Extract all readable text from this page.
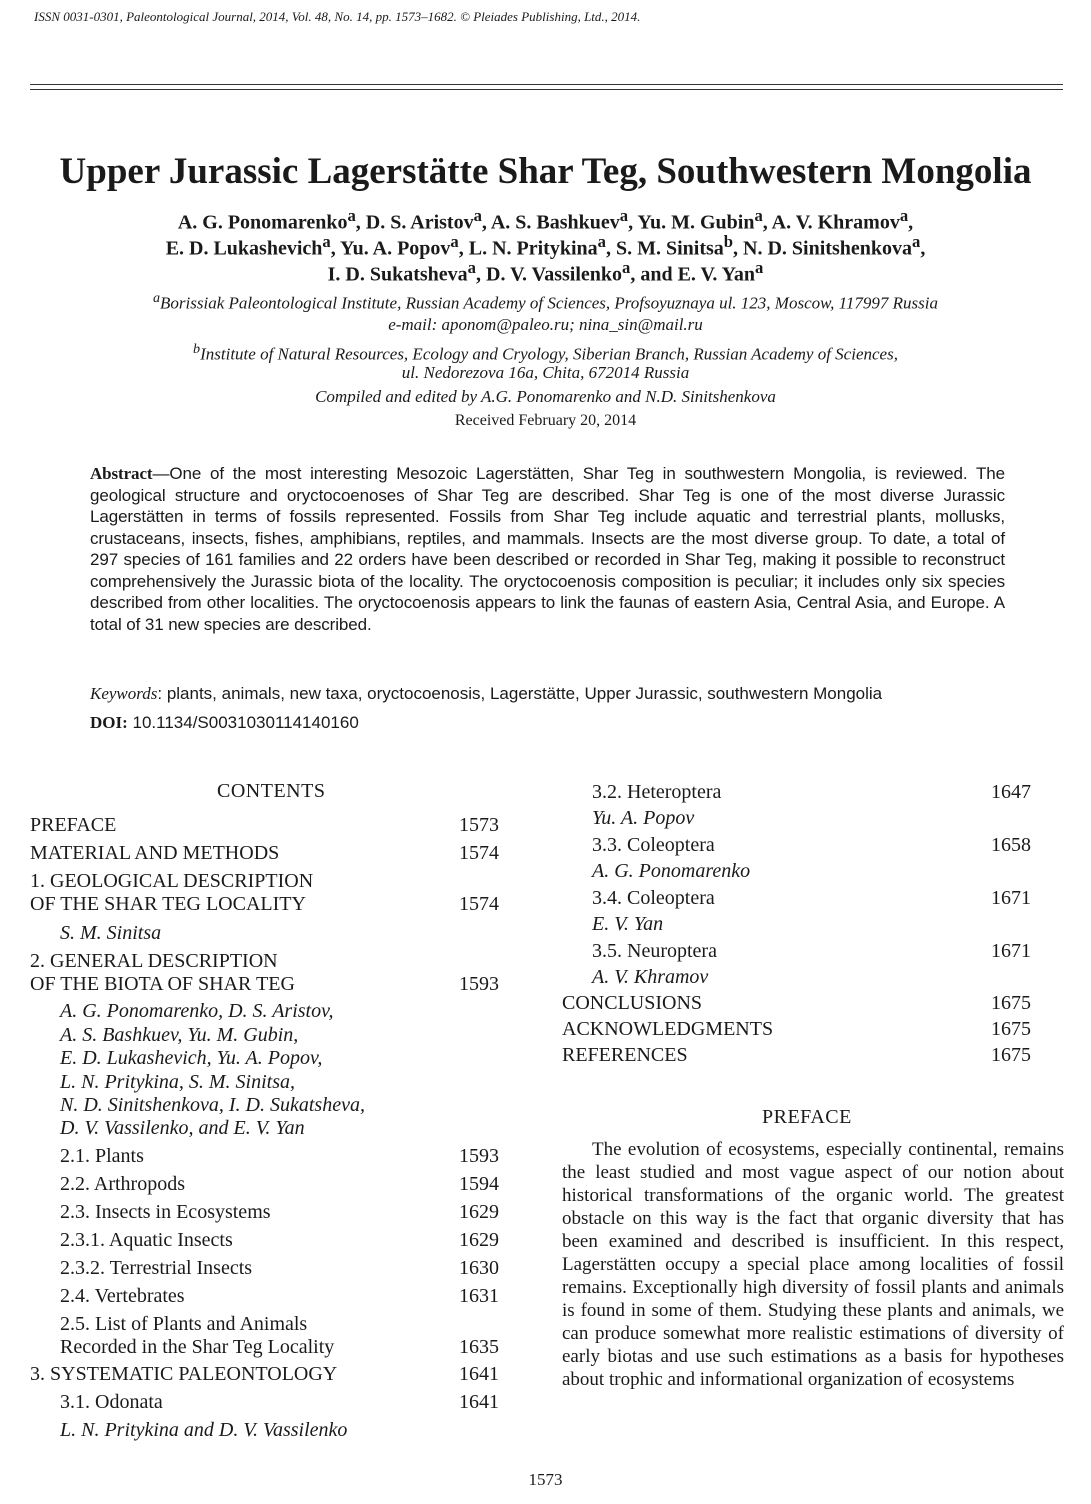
ISSN 0031-0301, Paleontological Journal, 2014, Vol. 48, No. 14, pp. 1573–1682. © Pleiades Publishing, Ltd., 2014.
Upper Jurassic Lagerstätte Shar Teg, Southwestern Mongolia
A. G. Ponomarenko$^a$, D. S. Aristov$^a$, A. S. Bashkuev$^a$, Yu. M. Gubin$^a$, A. V. Khramov$^a$,
E. D. Lukashevich$^a$, Yu. A. Popov$^a$, L. N. Pritykina$^a$, S. M. Sinitsa$^b$, N. D. Sinitshenkova$^a$,
I. D. Sukatsheva$^a$, D. V. Vassilenko$^a$, and E. V. Yan$^a$
$^a$Borissiak Paleontological Institute, Russian Academy of Sciences, Profsoyuznaya ul. 123, Moscow, 117997 Russia
e-mail: aponom@paleo.ru; nina_sin@mail.ru
$^b$Institute of Natural Resources, Ecology and Cryology, Siberian Branch, Russian Academy of Sciences,
ul. Nedorezova 16a, Chita, 672014 Russia
Compiled and edited by A.G. Ponomarenko and N.D. Sinitshenkova
Received February 20, 2014
Abstract—One of the most interesting Mesozoic Lagerstätten, Shar Teg in southwestern Mongolia, is reviewed. The geological structure and oryctocoenoses of Shar Teg are described. Shar Teg is one of the most diverse Jurassic Lagerstätten in terms of fossils represented. Fossils from Shar Teg include aquatic and terrestrial plants, mollusks, crustaceans, insects, fishes, amphibians, reptiles, and mammals. Insects are the most diverse group. To date, a total of 297 species of 161 families and 22 orders have been described or recorded in Shar Teg, making it possible to reconstruct comprehensively the Jurassic biota of the locality. The oryctocoenosis composition is peculiar; it includes only six species described from other localities. The oryctocoenosis appears to link the faunas of eastern Asia, Central Asia, and Europe. A total of 31 new species are described.
Keywords: plants, animals, new taxa, oryctocoenosis, Lagerstätte, Upper Jurassic, southwestern Mongolia
DOI: 10.1134/S0031030114140160
CONTENTS
PREFACE	1573
MATERIAL AND METHODS	1574
1. GEOLOGICAL DESCRIPTION
OF THE SHAR TEG LOCALITY	1574
S. M. Sinitsa
2. GENERAL DESCRIPTION
OF THE BIOTA OF SHAR TEG	1593
A. G. Ponomarenko, D. S. Aristov,
A. S. Bashkuev, Yu. M. Gubin,
E. D. Lukashevich, Yu. A. Popov,
L. N. Pritykina, S. M. Sinitsa,
N. D. Sinitshenkova, I. D. Sukatsheva,
D. V. Vassilenko, and E. V. Yan
2.1. Plants	1593
2.2. Arthropods	1594
2.3. Insects in Ecosystems	1629
2.3.1. Aquatic Insects	1629
2.3.2. Terrestrial Insects	1630
2.4. Vertebrates	1631
2.5. List of Plants and Animals
Recorded in the Shar Teg Locality	1635
3. SYSTEMATIC PALEONTOLOGY	1641
3.1. Odonata	1641
L. N. Pritykina and D. V. Vassilenko
3.2. Heteroptera	1647
Yu. A. Popov
3.3. Coleoptera	1658
A. G. Ponomarenko
3.4. Coleoptera	1671
E. V. Yan
3.5. Neuroptera	1671
A. V. Khramov
CONCLUSIONS	1675
ACKNOWLEDGMENTS	1675
REFERENCES	1675
PREFACE
The evolution of ecosystems, especially continental, remains the least studied and most vague aspect of our notion about historical transformations of the organic world. The greatest obstacle on this way is the fact that organic diversity that has been examined and described is insufficient. In this respect, Lagerstätten occupy a special place among localities of fossil remains. Exceptionally high diversity of fossil plants and animals is found in some of them. Studying these plants and animals, we can produce somewhat more realistic estimations of diversity of early biotas and use such estimations as a basis for hypotheses about trophic and informational organization of ecosystems
1573
